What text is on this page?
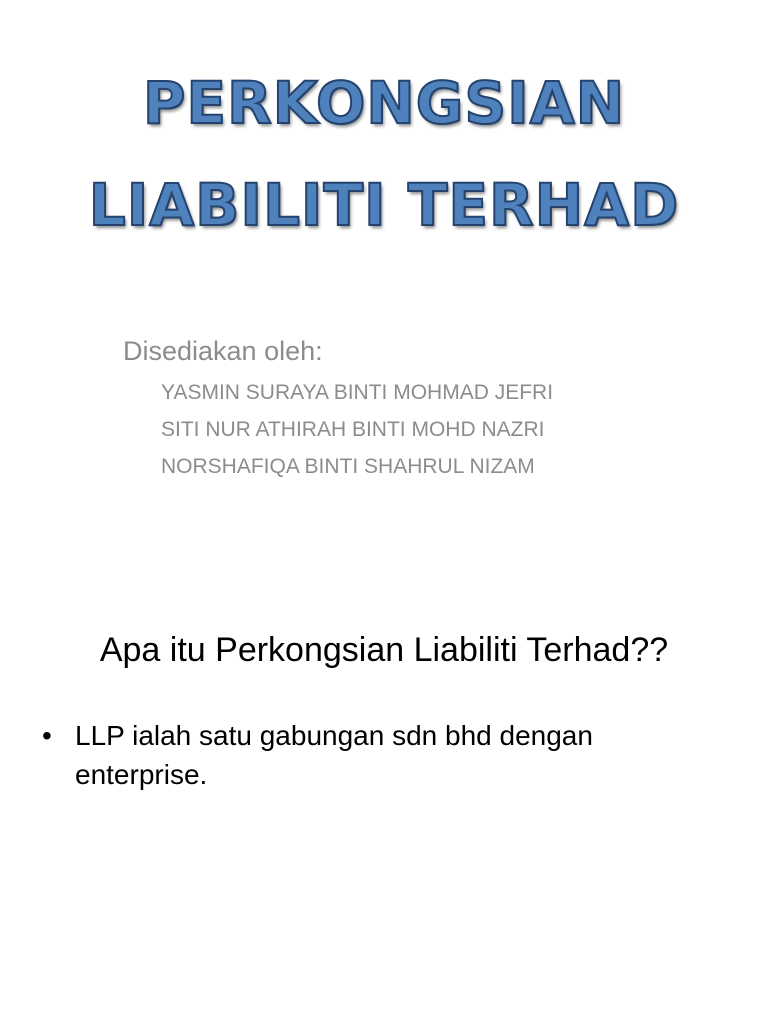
PERKONGSIAN
LIABILITI TERHAD
Disediakan oleh:
YASMIN SURAYA BINTI MOHMAD JEFRI
SITI NUR ATHIRAH BINTI MOHD NAZRI
NORSHAFIQA BINTI SHAHRUL NIZAM
Apa itu Perkongsian Liabiliti Terhad??
• LLP ialah satu gabungan sdn bhd dengan enterprise.
